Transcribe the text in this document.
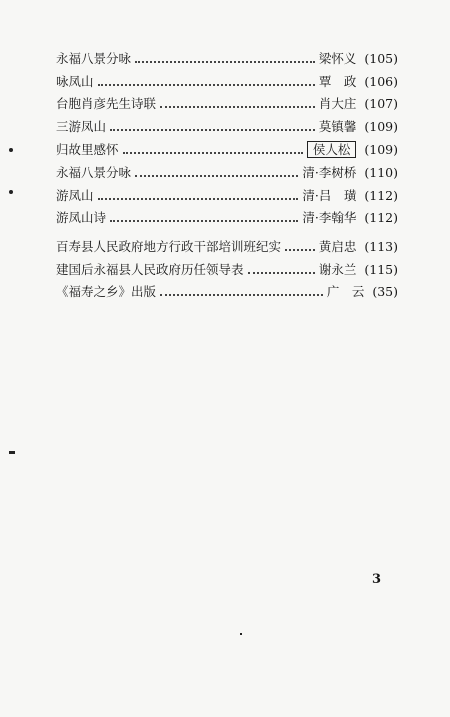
永福八景分咏	梁怀义 (105)
咏凤山	覃　政 (106)
台胞肖彦先生诗联	肖大庄 (107)
三游凤山	莫镇馨 (109)
归故里感怀	侯人松	(109)
永福八景分咏	清·李树桥 (110)
游凤山	清·吕　璜 (112)
游凤山诗	清·李翰华 (112)
百寿县人民政府地方行政干部培训班纪实	黄启忠 (113)
建国后永福县人民政府历任领导表	谢永兰 (115)
《福寿之乡》出版	广　云 (35)
3
